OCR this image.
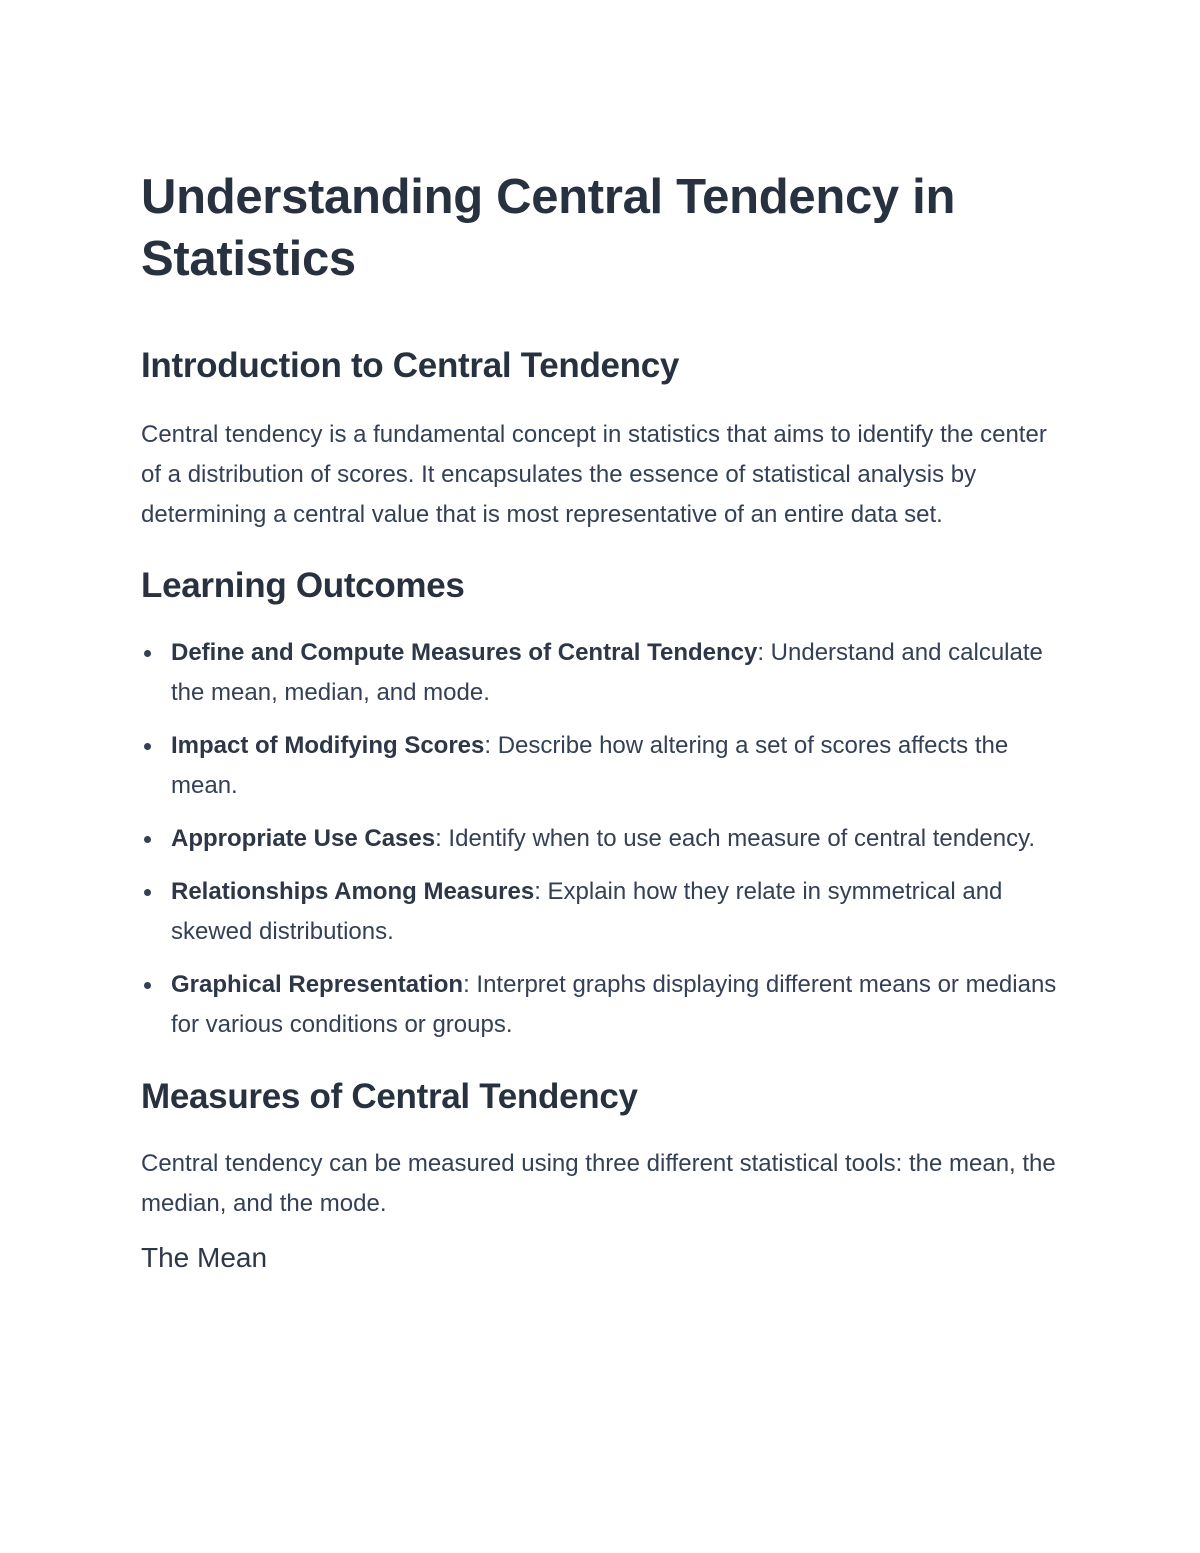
Understanding Central Tendency in Statistics
Introduction to Central Tendency

Central tendency is a fundamental concept in statistics that aims to identify the center of a distribution of scores. It encapsulates the essence of statistical analysis by determining a central value that is most representative of an entire data set.

Learning Outcomes
Define and Compute Measures of Central Tendency: Understand and calculate the mean, median, and mode.
Impact of Modifying Scores: Describe how altering a set of scores affects the mean.
Appropriate Use Cases: Identify when to use each measure of central tendency.
Relationships Among Measures: Explain how they relate in symmetrical and skewed distributions.
Graphical Representation: Interpret graphs displaying different means or medians for various conditions or groups.
Measures of Central Tendency

Central tendency can be measured using three different statistical tools: the mean, the median, and the mode.

The Mean
